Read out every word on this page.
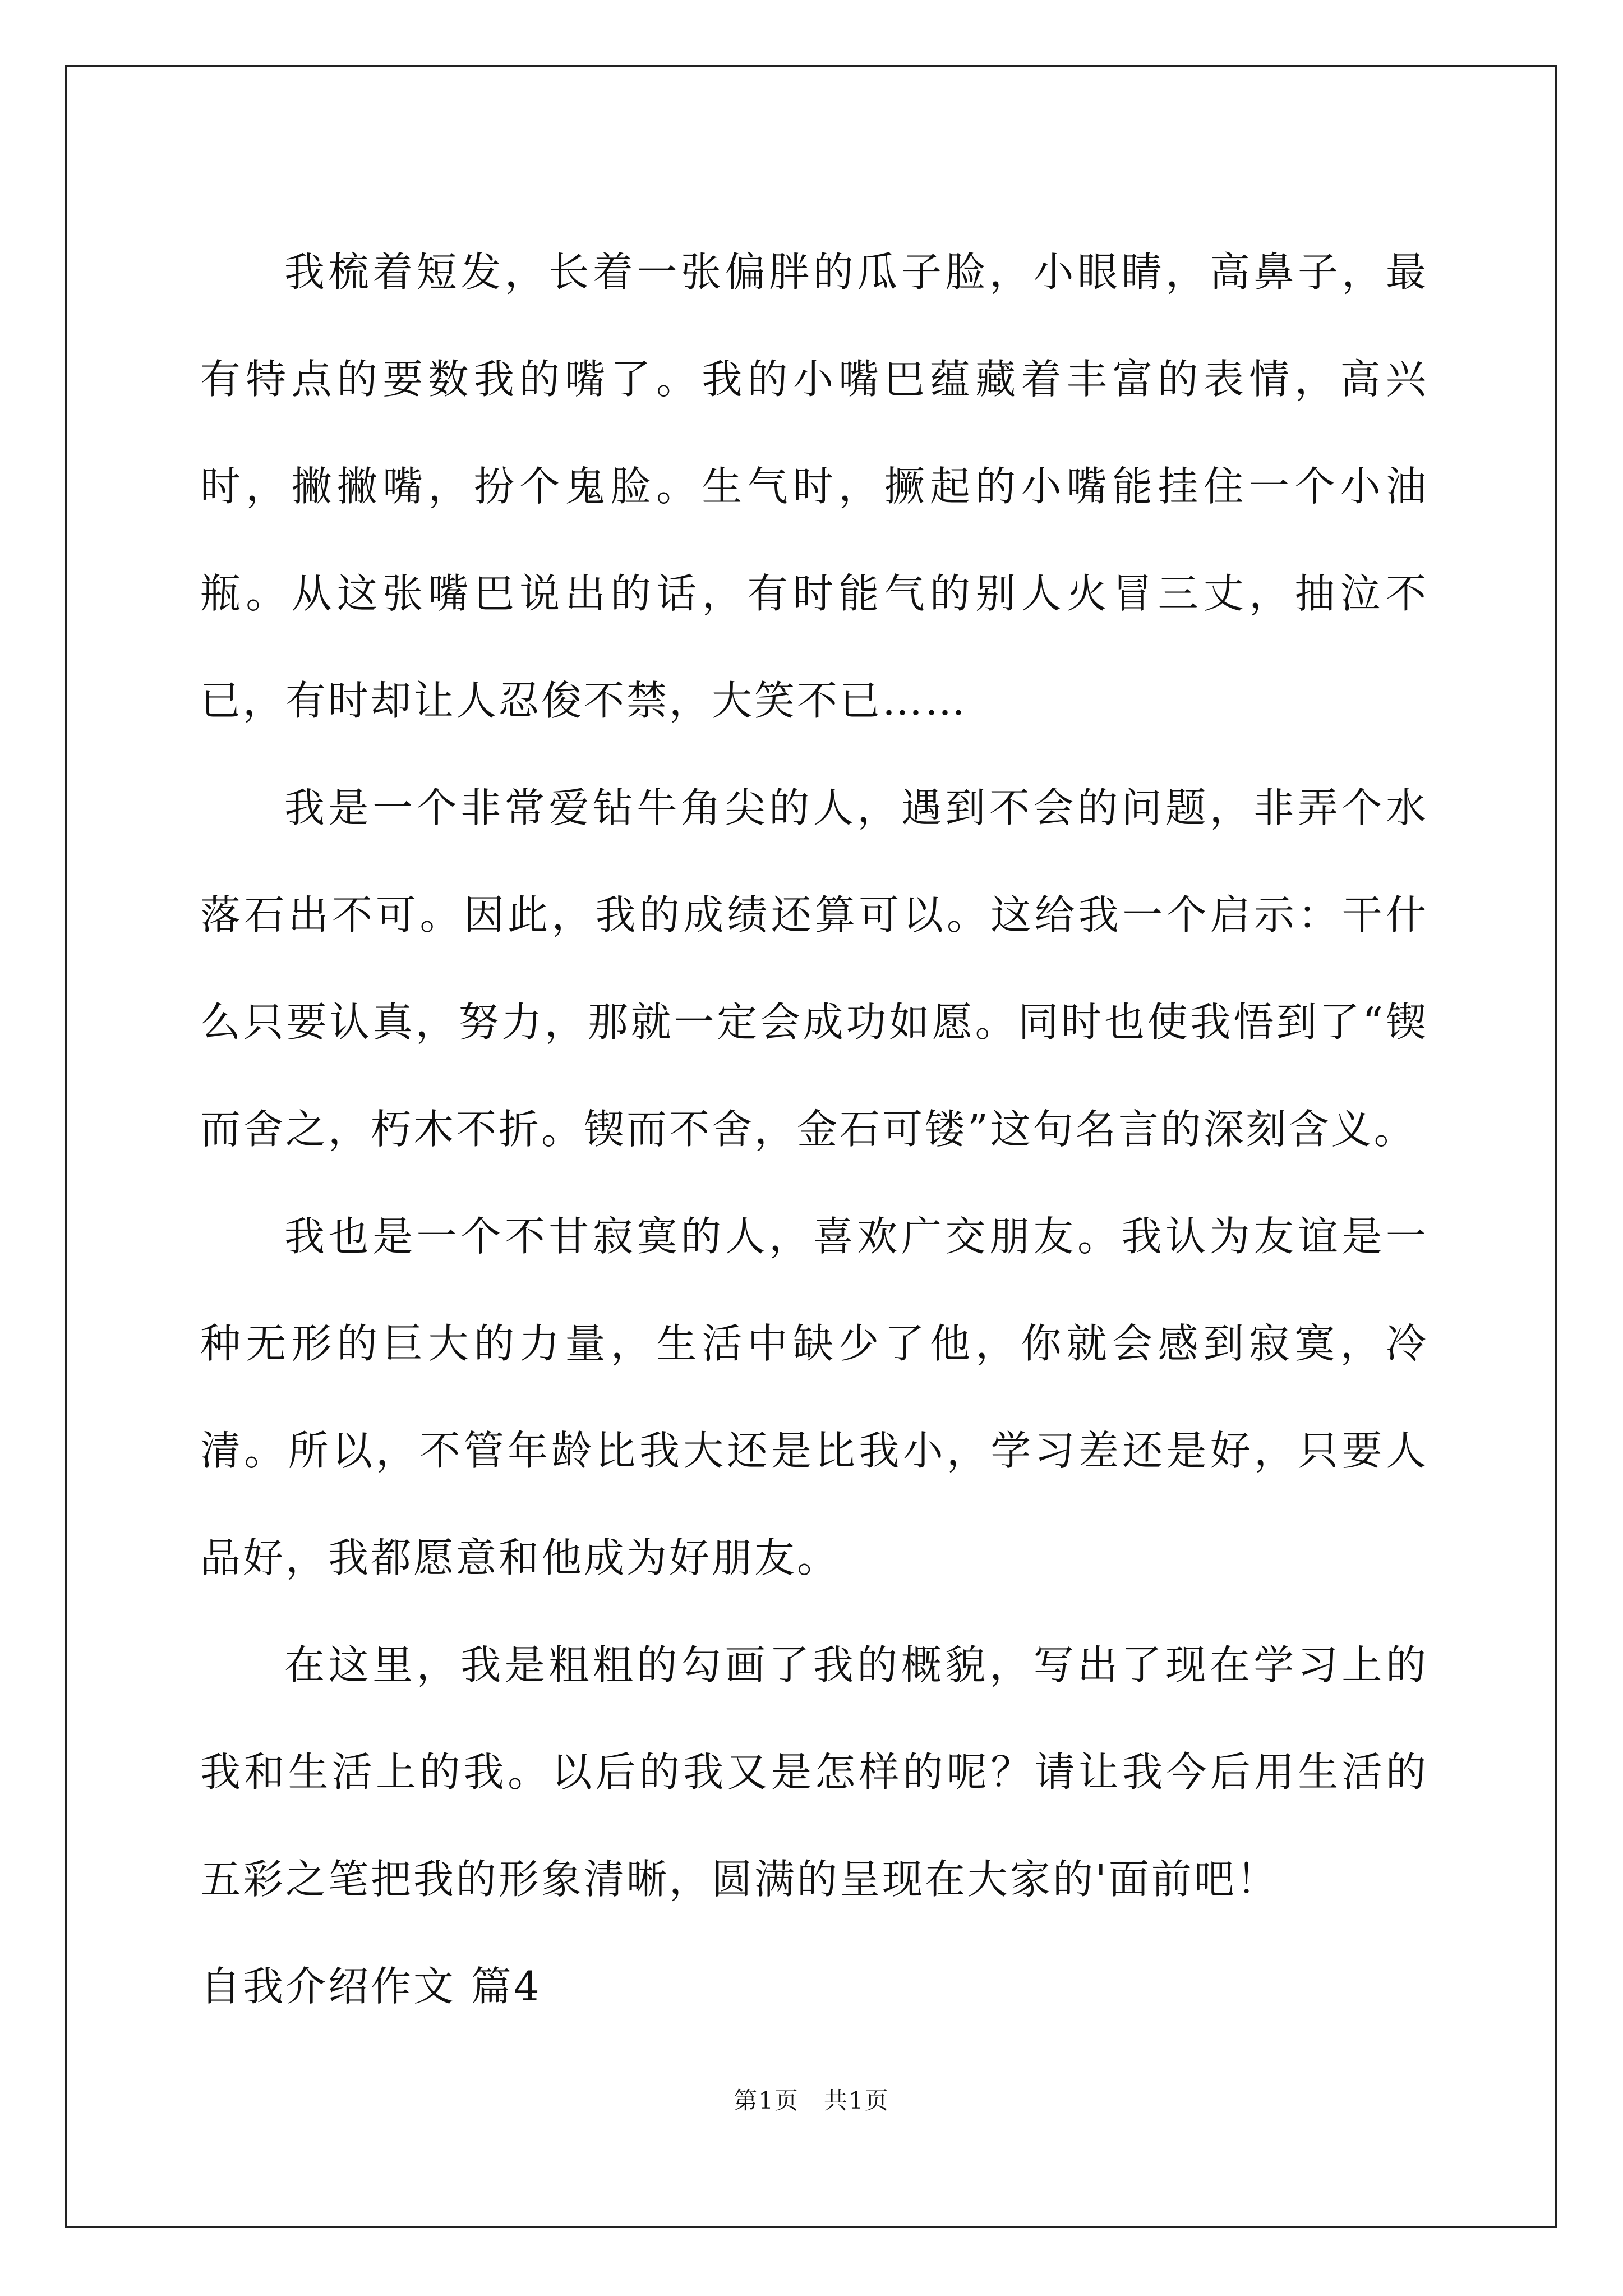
我梳着短发，长着一张偏胖的瓜子脸，小眼睛，高鼻子，最有特点的要数我的嘴了。我的小嘴巴蕴藏着丰富的表情，高兴时，撇撇嘴，扮个鬼脸。生气时，撅起的小嘴能挂住一个小油瓶。从这张嘴巴说出的话，有时能气的别人火冒三丈，抽泣不已，有时却让人忍俊不禁，大笑不已……

我是一个非常爱钻牛角尖的人，遇到不会的问题，非弄个水落石出不可。因此，我的成绩还算可以。这给我一个启示：干什么只要认真，努力，那就一定会成功如愿。同时也使我悟到了“锲而舍之，朽木不折。锲而不舍，金石可镂”这句名言的深刻含义。

我也是一个不甘寂寞的人，喜欢广交朋友。我认为友谊是一种无形的巨大的力量，生活中缺少了他，你就会感到寂寞，冷清。所以，不管年龄比我大还是比我小，学习差还是好，只要人品好，我都愿意和他成为好朋友。

在这里，我是粗粗的勾画了我的概貌，写出了现在学习上的我和生活上的我。以后的我又是怎样的呢？请让我今后用生活的五彩之笔把我的形象清晰，圆满的呈现在大家的'面前吧！

自我介绍作文 篇4

第1页　共1页
